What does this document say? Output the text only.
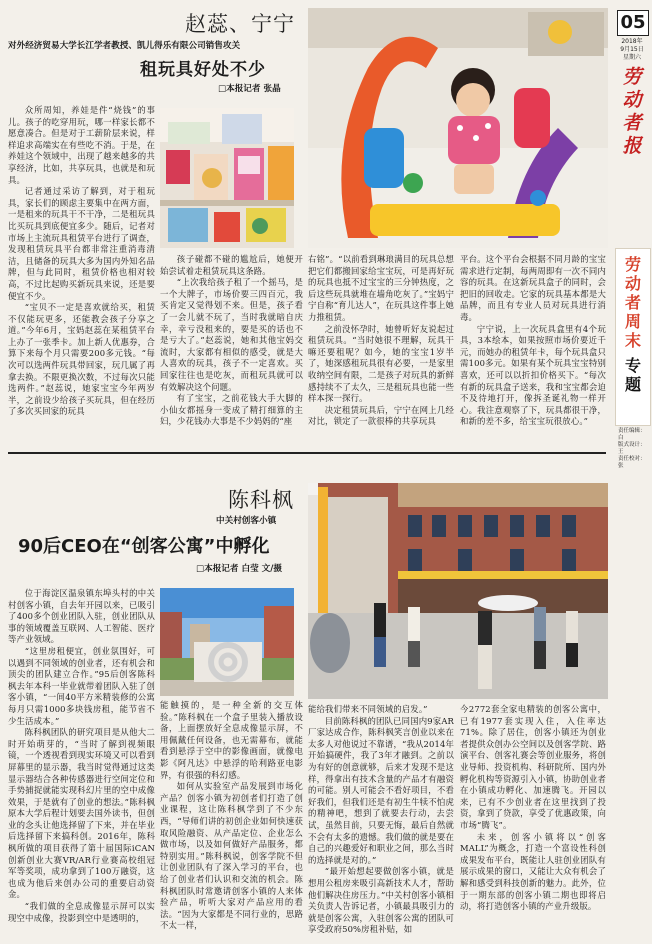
05
2018年
9月15日
星期六
劳动者报
劳动者周末
专题
责任编辑：白
版式设计：王
责任校对：张
赵蕊、宁宁
对外经济贸易大学长江学者教授、凯儿得乐有限公司销售攻关
租玩具好处不少
□本报记者 张晶

众所周知，养娃是件“烧钱”的事儿。孩子的吃穿用玩，哪一样家长都不愿意凑合。但是对于工薪阶层来说，样样追求高端实在有些吃不消。于是，在养娃这个领域中，出现了越来越多的共享经济，比如，共享玩具，也就是和玩具。

记者通过采访了解到，对于租玩具，家长们的顾虑主要集中在两方面，一是租来的玩具干不干净，二是租玩具比买玩具到底便宜多少。随后，记者对市场上主流玩具租赁平台进行了调查，发现租赁玩具平台都非常注重消毒清洁，且储备的玩具大多为国内外知名品牌，但与此同时，租赁价格也相对较高，不过比起购买新玩具来说，还是要便宜不少。

“宝贝不一定是喜欢就给买，租赁不仅能玩更多，还能教会孩子分享之道。”今年6月，宝妈赵蕊在某租赁平台上办了一张季卡。加上新人优惠券，合算下来每个月只需要200多元钱。“每次可以选两件玩具带回家，玩几属了再拿去换。不限更换次数，不过每次只能选两件。”赵蕊说，她家宝宝今年两岁半，之前设少给孩子买玩具，但在经历了多次买回家的玩具

孩子碰都不碰的尴尬后，她便开始尝试着走租赁玩具这条路。

“上次我给孩子租了一个摇马，是一个大牌子，市场价要三四百元，我买肯定又觉得划不来。但是，孩子看了一会儿就不玩了，当时我就暗自庆幸，幸亏没租来的，要是买的话也不是亏大了。”赵蕊说，她和其他宝妈交流时，大家都有相似的感受，就是大人喜欢的玩具，孩子不一定喜欢。买回家往往也是吃灰，而租玩具就可以有效解决这个问题。

有了宝宝，之前花钱大手大脚的小仙女都摇身一变成了精打细算的主妇，少花钱办大事是不少妈妈的“座

右铭”。“以前看到琳琅满目的玩具总想把它们都搬回家给宝宝玩，可是再好玩的玩具也抵不过宝宝的三分钟热度，之后这些玩具就堆在墙角吃灰了。”宝妈宁宁自称“育儿达人”，在玩具这件事上她力推租赁。

之前没怀孕时，她曾听好友说起过租赁玩具。“当时她很不理解，玩具干嘛还要租呢？如今，她的宝宝1岁半了，她深感租玩具很有必要，一是家里收纳空间有限，二是孩子对玩具的新鲜感持续不了太久，三是租玩具也能一些样本探一探行。

决定租赁玩具后，宁宁在网上几经对比，锁定了一款很棒的共享玩具

平台。这个平台会根据不同月龄的宝宝需求进行定制，每两周即有一次不同内容的玩具。在这新玩具盒子的同时，会把旧的回收走。它家的玩具基本都是大品牌，而且有专业人员对玩具进行消毒。

宁宁说，上一次玩具盒里有4个玩具，3本绘本，如果按照市场价要近千元，而她办的租赁年卡，每个玩具盒只需100多元。如果有某个玩具宝宝特别喜欢，还可以以折扣价格买下。“每次有新的玩具盒子送来，我和宝宝都会迫不及待地打开，像拆圣诞礼物一样开心。我注意观察了下，玩具都很干净，和新的差不多，给宝宝玩很放心。”

陈科枫
中关村创客小镇
90后CEO在“创客公寓”中孵化
□本报记者 白莹 文/摄

位于海淀区温泉镇东埠头村的中关村创客小镇，自去年开园以来，已吸引了400多个创业团队入驻，创业团队从事的领域覆盖互联网、人工智能、医疗等产业领域。

“这里房租便宜，创业氛围好，可以遇到不同领域的创业者，还有机会和顶尖的团队建立合作。”95后创客陈科枫去年本科一毕业就带着团队入驻了创客小镇，“一间40平方米精装修的公寓每月只需1000多块钱房租，能节省不少生活成本。”

陈科枫团队的研究项目是从他大二时开始萌芽的，“当时了解到视频眼镜，一个透视看到现实环境又可以看到屏幕里的显示器，我当时觉得通过这类显示器结合各种传感器进行空间定位和手势捕捉就能实现科幻片里的空中成像效果，于是就有了创业的想法。”陈科枫原本大学后程计划要去国外读书，但创业的念头让他选择留了下来，并在毕业后选择留下来搞科创。2016年，陈科枫所做的项目获得了第十届国际iCAN创新创业大赛VR/AR行业赛高校组冠军等奖项，成功拿到了100万融资，这也成为他后来创办公司的重要启动资金。

“我们做的全息成像显示屏可以实现空中成像，投影到空中是透明的，

能触摸的，是一种全新的交互体验。”陈科枫在一个盒子里装入播放设备，上面摆放好全息成像显示屏，不用佩戴任何设备，也无需幕布，就能看到悬浮于空中的影像画面，就像电影《阿凡达》中悬浮的哈利路亚电影界，有很强的科幻感。

如何从实验室产品发展到市场化产品？创客小镇为初创者们打造了创业课程，这让陈科枫学到了不少东西，“导师们讲的初创企业如何快速获取风险融资、从产品定位、企业怎么做市场，以及如何做好产品服务，都特别实用。”陈科枫说，创客学院不但让创业团队有了深入学习的平台，也给了创业者们认识和交流的机会。陈科枫团队时常邀请创客小镇的人来体验产品，听听大家对产品应用的看法。“因为大家都是不同行业的，思路不太一样，

能给我们带来不同领域的启发。”

目前陈科枫的团队已同国内9家AR厂家达成合作，陈科枫笑言创业以来在太多人对他说过不靠谱，“我从2014年开始搞硬件，我了3年才融到。之前以为有好的创意就够，后来才发现不是这样，得拿出有技术含量的产品才有融资的可能。别人可能会不看好项目，不看好我们，但我们还是有初生牛犊不怕虎的精神吧，想到了就要去行动，去尝试，虽然目前，只要无悔，最后自然就不会有太多的遗憾。我们做的就是要在自己的兴趣爱好和职业之间，那么当时的选择就是对的。”

“最开始想起要做创客小镇，就是想用公租房来吸引高新技术人才，帮助他们解决住房压力。”中关村创客小镇相关负责人告诉记者，小镇最具吸引力的就是创客公寓，入驻创客公寓的团队可享受政府50%房租补贴，如

今2772套全家电精装的创客公寓中，已有1977套实现入住，入住率达71%。除了居住，创客小镇还为创业者提供众创办公空间以及创客学院、路演平台、创客礼赛会等创业服务，将创业导师、投资机构、科研院所、国内外孵化机构等资源引入小镇，协助创业者在小镇成功孵化、加速腾飞。开园以来，已有不少创业者在这里找到了投资，拿到了贷款，享受了优惠政策，向市场“腾飞”。

未来，创客小镇将以“创客MALL”为概念，打造一个富设性科创成果发布平台，既能让人驻创业团队有展示成果的窗口，又能让大众有机会了解和感受到科技创新的魅力。此外，位于一期东部的创客小镇二期也即将启动，将打造创客小镇的产业升级版。
